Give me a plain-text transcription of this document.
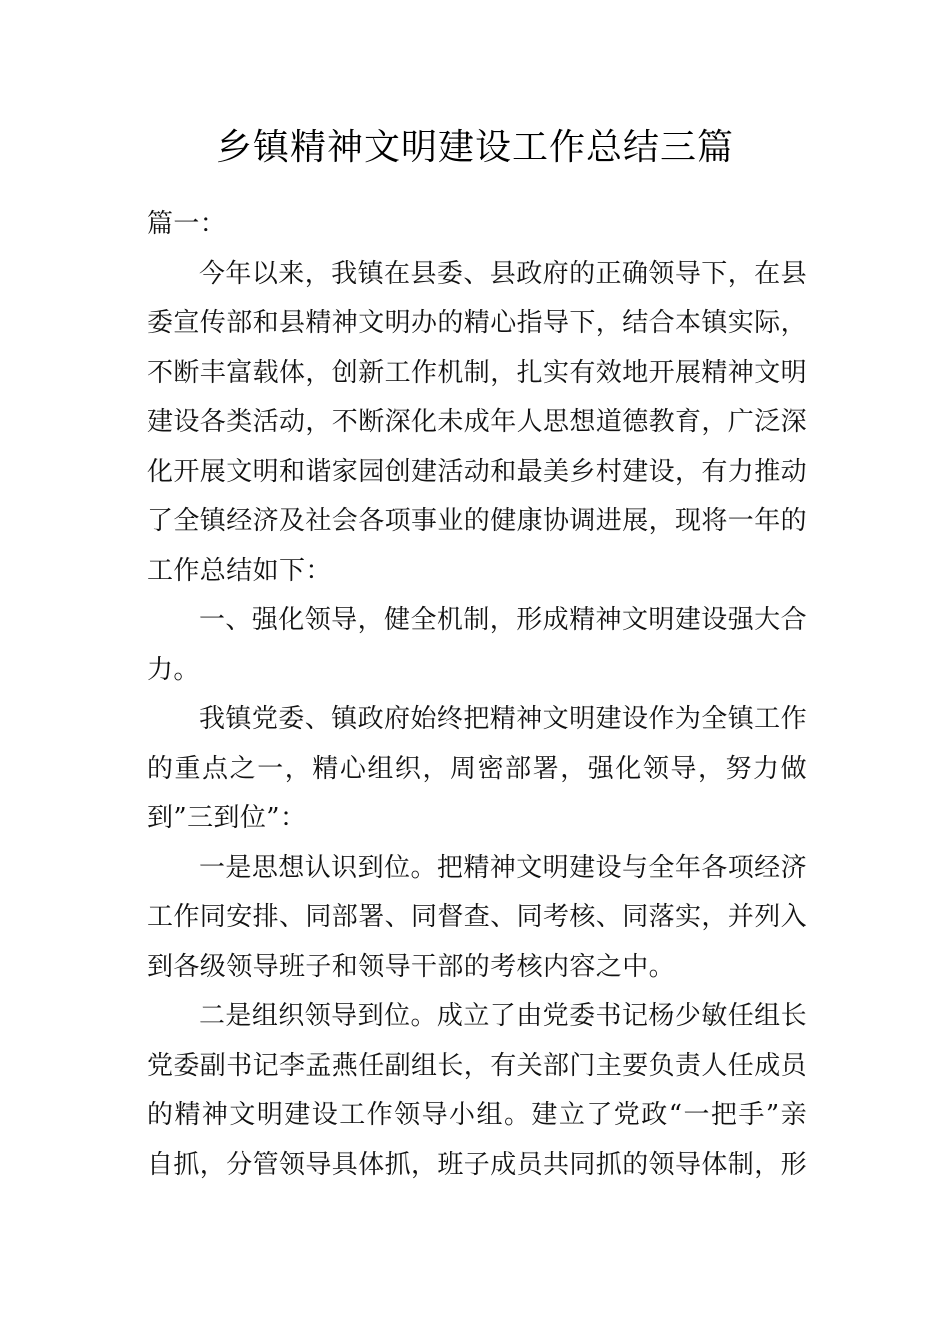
乡镇精神文明建设工作总结三篇

篇一：

今年以来，我镇在县委、县政府的正确领导下，在县委宣传部和县精神文明办的精心指导下，结合本镇实际，不断丰富载体，创新工作机制，扎实有效地开展精神文明建设各类活动，不断深化未成年人思想道德教育，广泛深化开展文明和谐家园创建活动和最美乡村建设，有力推动了全镇经济及社会各项事业的健康协调进展，现将一年的工作总结如下：

一、强化领导，健全机制，形成精神文明建设强大合力。

我镇党委、镇政府始终把精神文明建设作为全镇工作的重点之一，精心组织，周密部署，强化领导，努力做到”三到位”：

一是思想认识到位。把精神文明建设与全年各项经济工作同安排、同部署、同督查、同考核、同落实，并列入到各级领导班子和领导干部的考核内容之中。

二是组织领导到位。成立了由党委书记杨少敏任组长党委副书记李孟燕任副组长，有关部门主要负责人任成员的精神文明建设工作领导小组。建立了党政“一把手”亲自抓，分管领导具体抓，班子成员共同抓的领导体制，形
